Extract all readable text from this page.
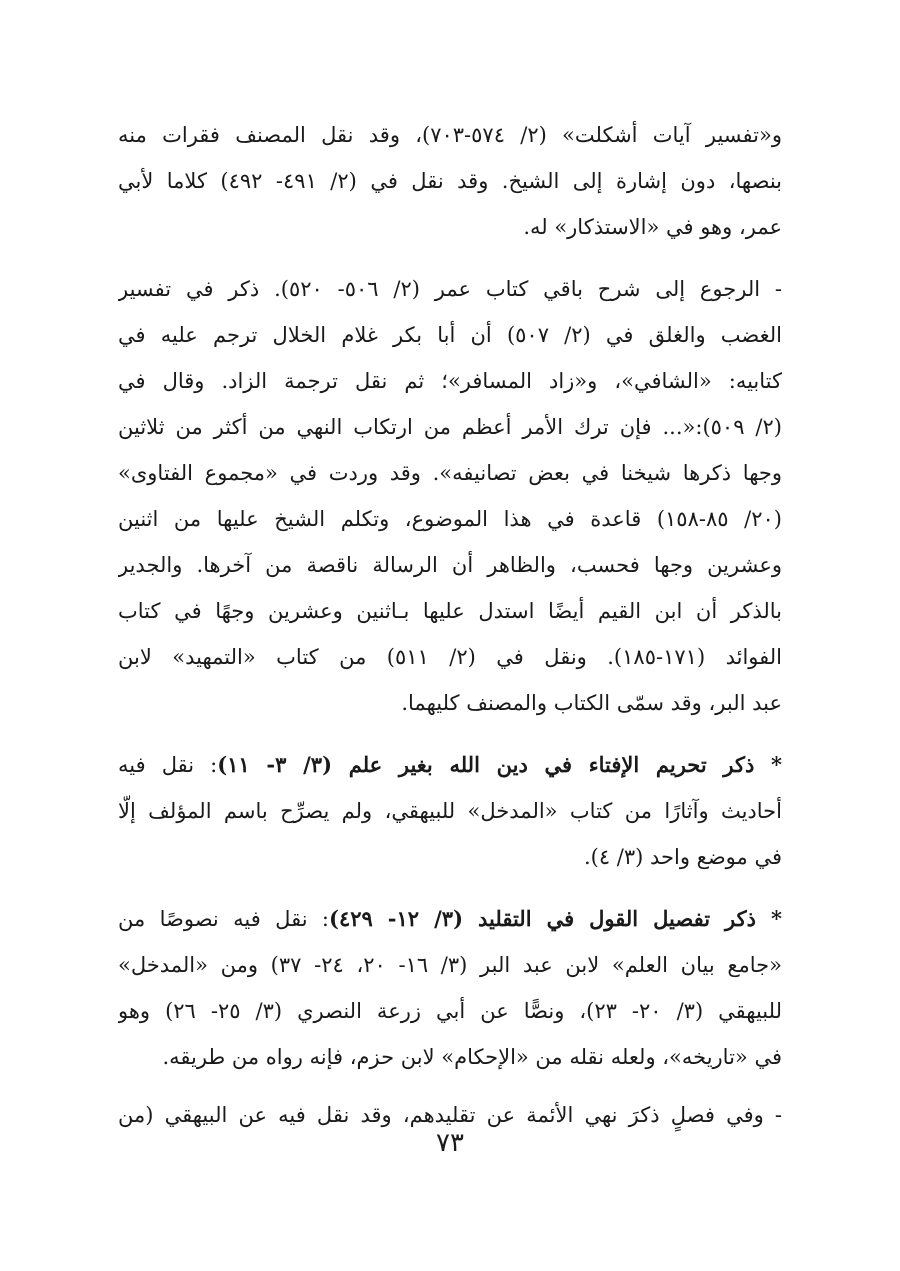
و«تفسير آيات أشكلت» (٢/ ٥٧٤-٧٠٣)، وقد نقل المصنف فقرات منه
بنصها، دون إشارة إلى الشيخ. وقد نقل في (٢/ ٤٩١- ٤٩٢) كلاما لأبي
عمر، وهو في «الاستذكار» له.
- الرجوع إلى شرح باقي كتاب عمر (٢/ ٥٠٦- ٥٢٠). ذكر في تفسير
الغضب والغلق في (٢/ ٥٠٧) أن أبا بكر غلام الخلال ترجم عليه في
كتابيه: «الشافي»، و«زاد المسافر»؛ ثم نقل ترجمة الزاد. وقال في
(٢/ ٥٠٩):«... فإن ترك الأمر أعظم من ارتكاب النهي من أكثر من ثلاثين
وجها ذكرها شيخنا في بعض تصانيفه». وقد وردت في «مجموع الفتاوى»
(٢٠/ ٨٥-١٥٨) قاعدة في هذا الموضوع، وتكلم الشيخ عليها من اثنين
وعشرين وجها فحسب، والظاهر أن الرسالة ناقصة من آخرها. والجدير
بالذكر أن ابن القيم أيضًا استدل عليها بـاثنين وعشرين وجهًا في كتاب
الفوائد (١٧١-١٨٥). ونقل في (٢/ ٥١١) من كتاب «التمهيد» لابن
عبد البر، وقد سمّى الكتاب والمصنف كليهما.
* ذكر تحريم الإفتاء في دين الله بغير علم (٣/ ٣- ١١): نقل فيه
أحاديث وآثارًا من كتاب «المدخل» للبيهقي، ولم يصرِّح باسم المؤلف إلّا
في موضع واحد (٣/ ٤).
* ذكر تفصيل القول في التقليد (٣/ ١٢- ٤٢٩): نقل فيه نصوصًا من
«جامع بيان العلم» لابن عبد البر (٣/ ١٦- ٢٠، ٢٤- ٣٧) ومن «المدخل»
للبيهقي (٣/ ٢٠- ٢٣)، ونصًّا عن أبي زرعة النصري (٣/ ٢٥- ٢٦) وهو
في «تاريخه»، ولعله نقله من «الإحكام» لابن حزم، فإنه رواه من طريقه.
- وفي فصلٍ ذكرَ نهي الأئمة عن تقليدهم، وقد نقل فيه عن البيهقي (من
٧٣
